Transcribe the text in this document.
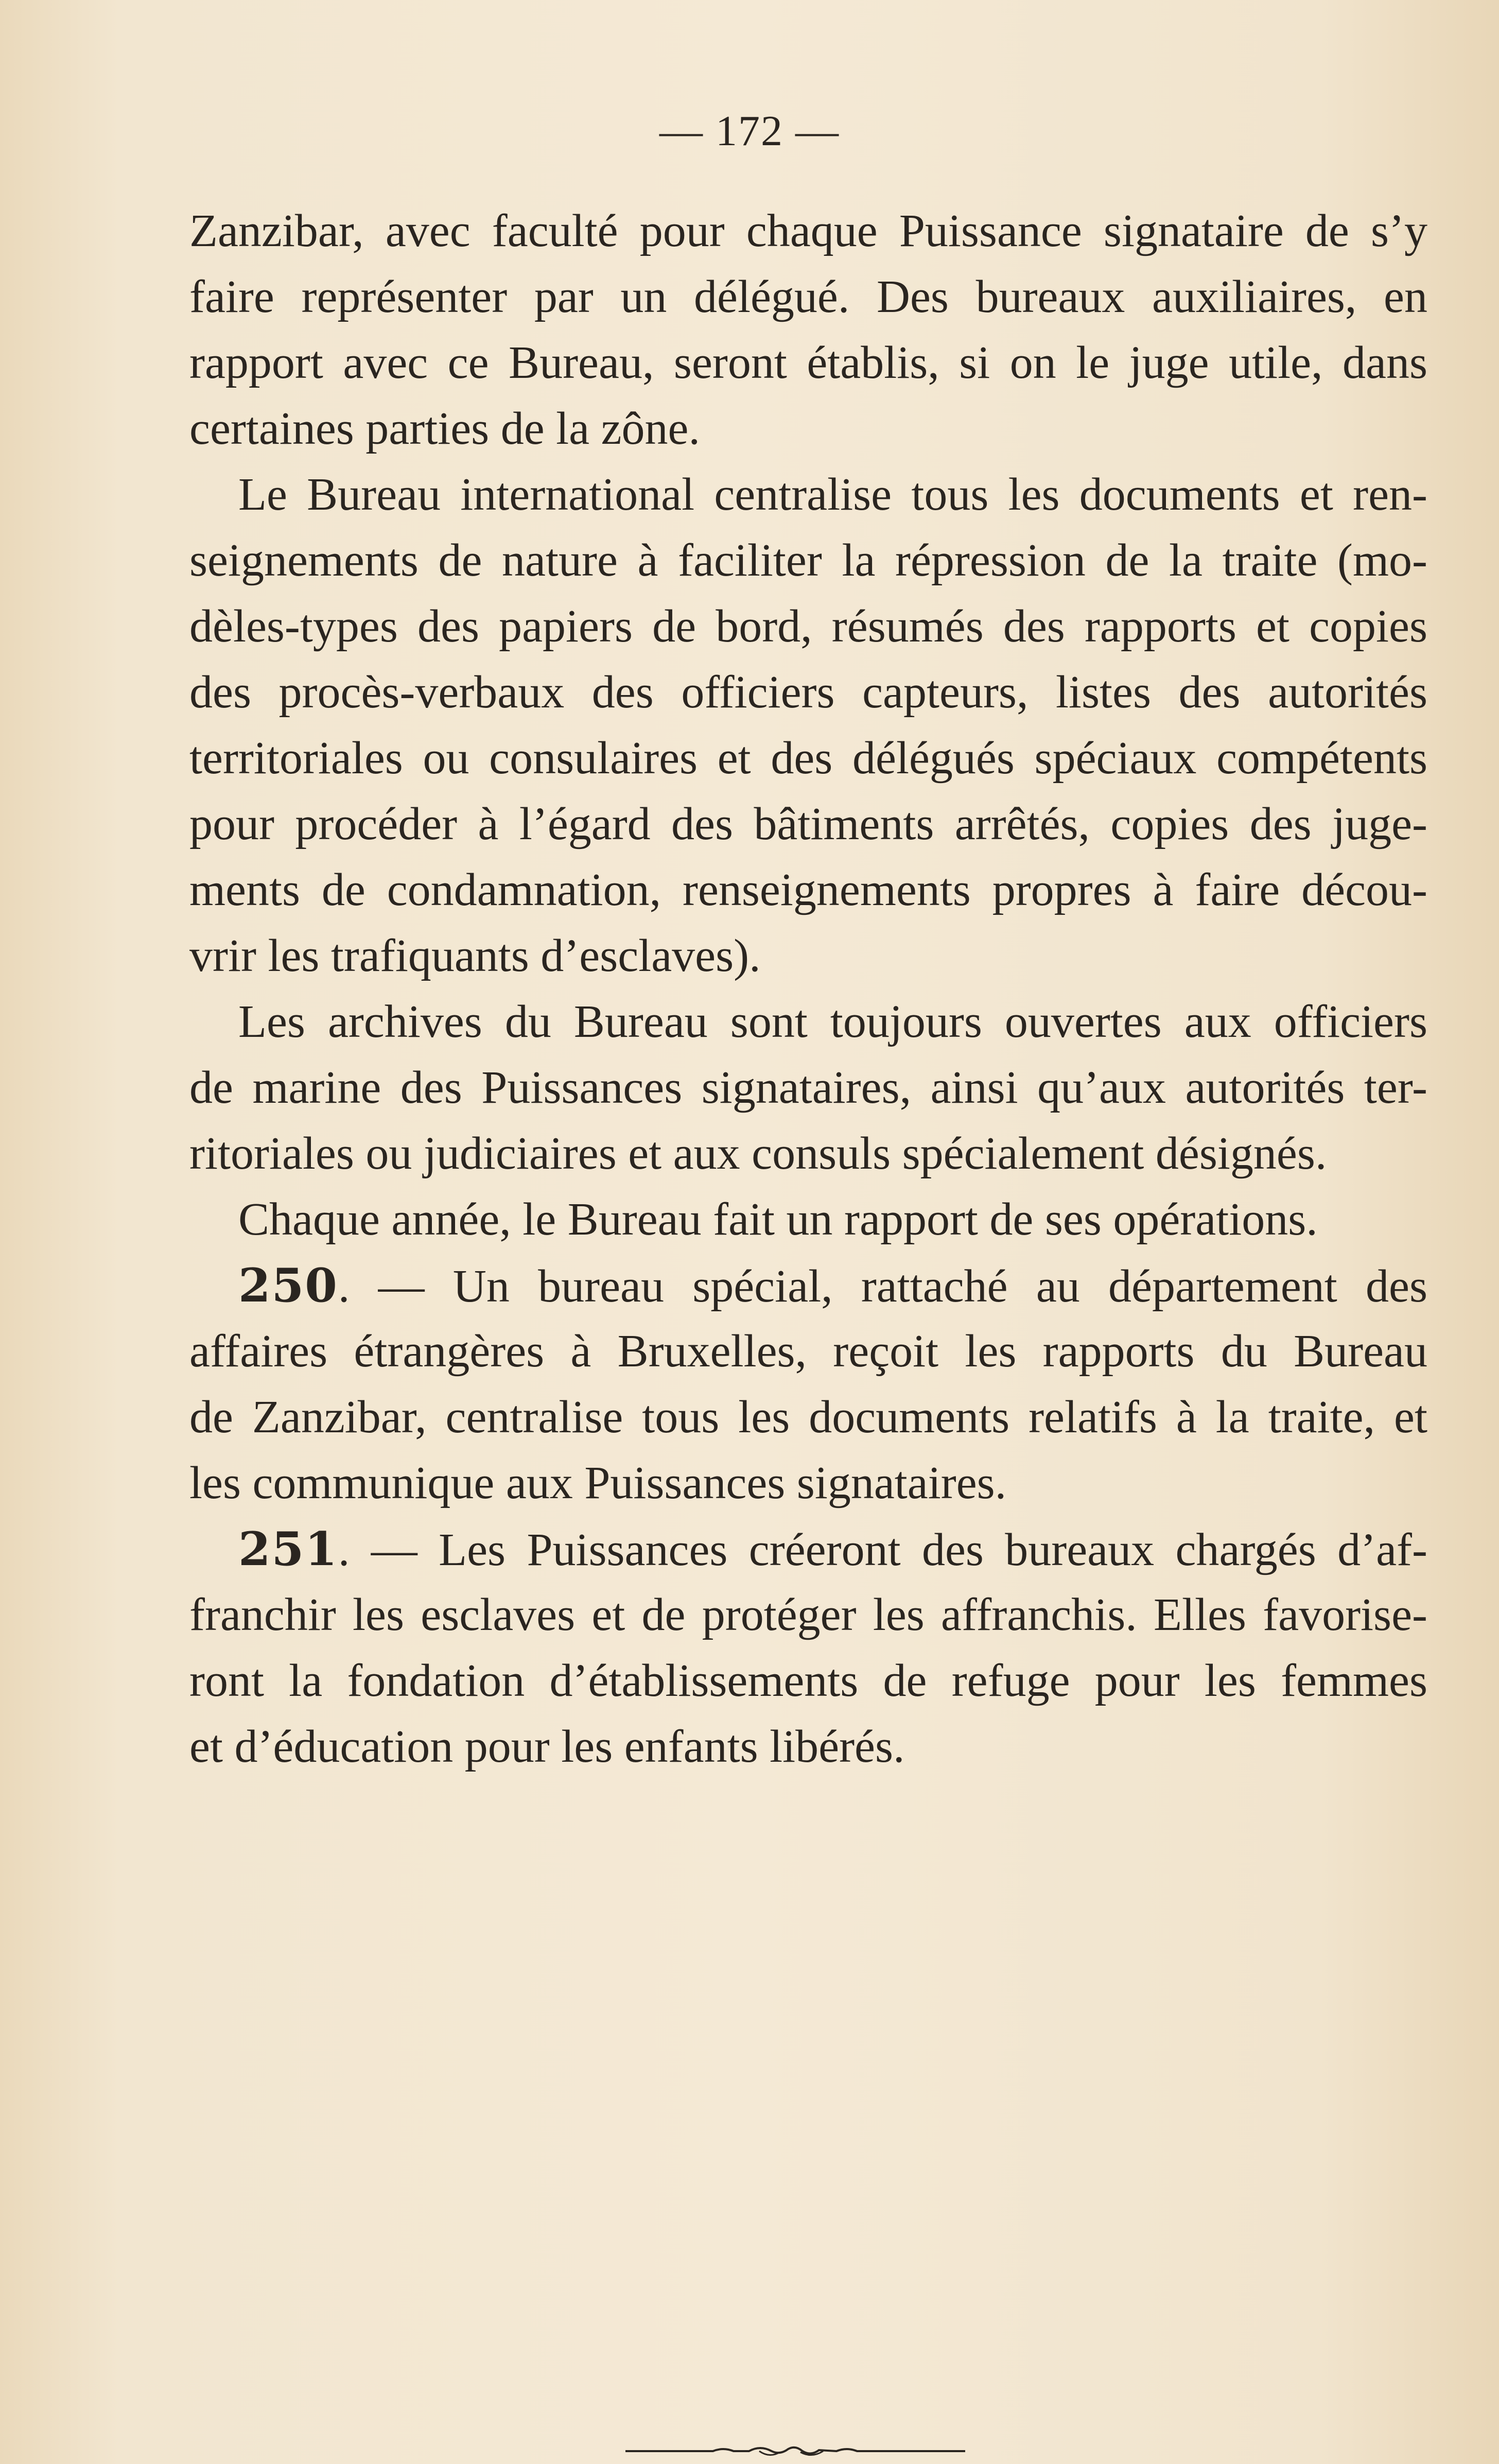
— 172 —
Zanzibar, avec faculté pour chaque Puissance signataire de s’y
faire représenter par un délégué. Des bureaux auxiliaires, en
rapport avec ce Bureau, seront établis, si on le juge utile, dans
certaines parties de la zône.
Le Bureau international centralise tous les documents et ren-
seignements de nature à faciliter la répression de la traite (mo-
dèles-types des papiers de bord, résumés des rapports et copies
des procès-verbaux des officiers capteurs, listes des autorités
territoriales ou consulaires et des délégués spéciaux compétents
pour procéder à l’égard des bâtiments arrêtés, copies des juge-
ments de condamnation, renseignements propres à faire décou-
vrir les trafiquants d’esclaves).
Les archives du Bureau sont toujours ouvertes aux officiers
de marine des Puissances signataires, ainsi qu’aux autorités ter-
ritoriales ou judiciaires et aux consuls spécialement désignés.
Chaque année, le Bureau fait un rapport de ses opérations.
250. — Un bureau spécial, rattaché au département des
affaires étrangères à Bruxelles, reçoit les rapports du Bureau
de Zanzibar, centralise tous les documents relatifs à la traite, et
les communique aux Puissances signataires.
251. — Les Puissances créeront des bureaux chargés d’af-
franchir les esclaves et de protéger les affranchis. Elles favorise-
ront la fondation d’établissements de refuge pour les femmes
et d’éducation pour les enfants libérés.
